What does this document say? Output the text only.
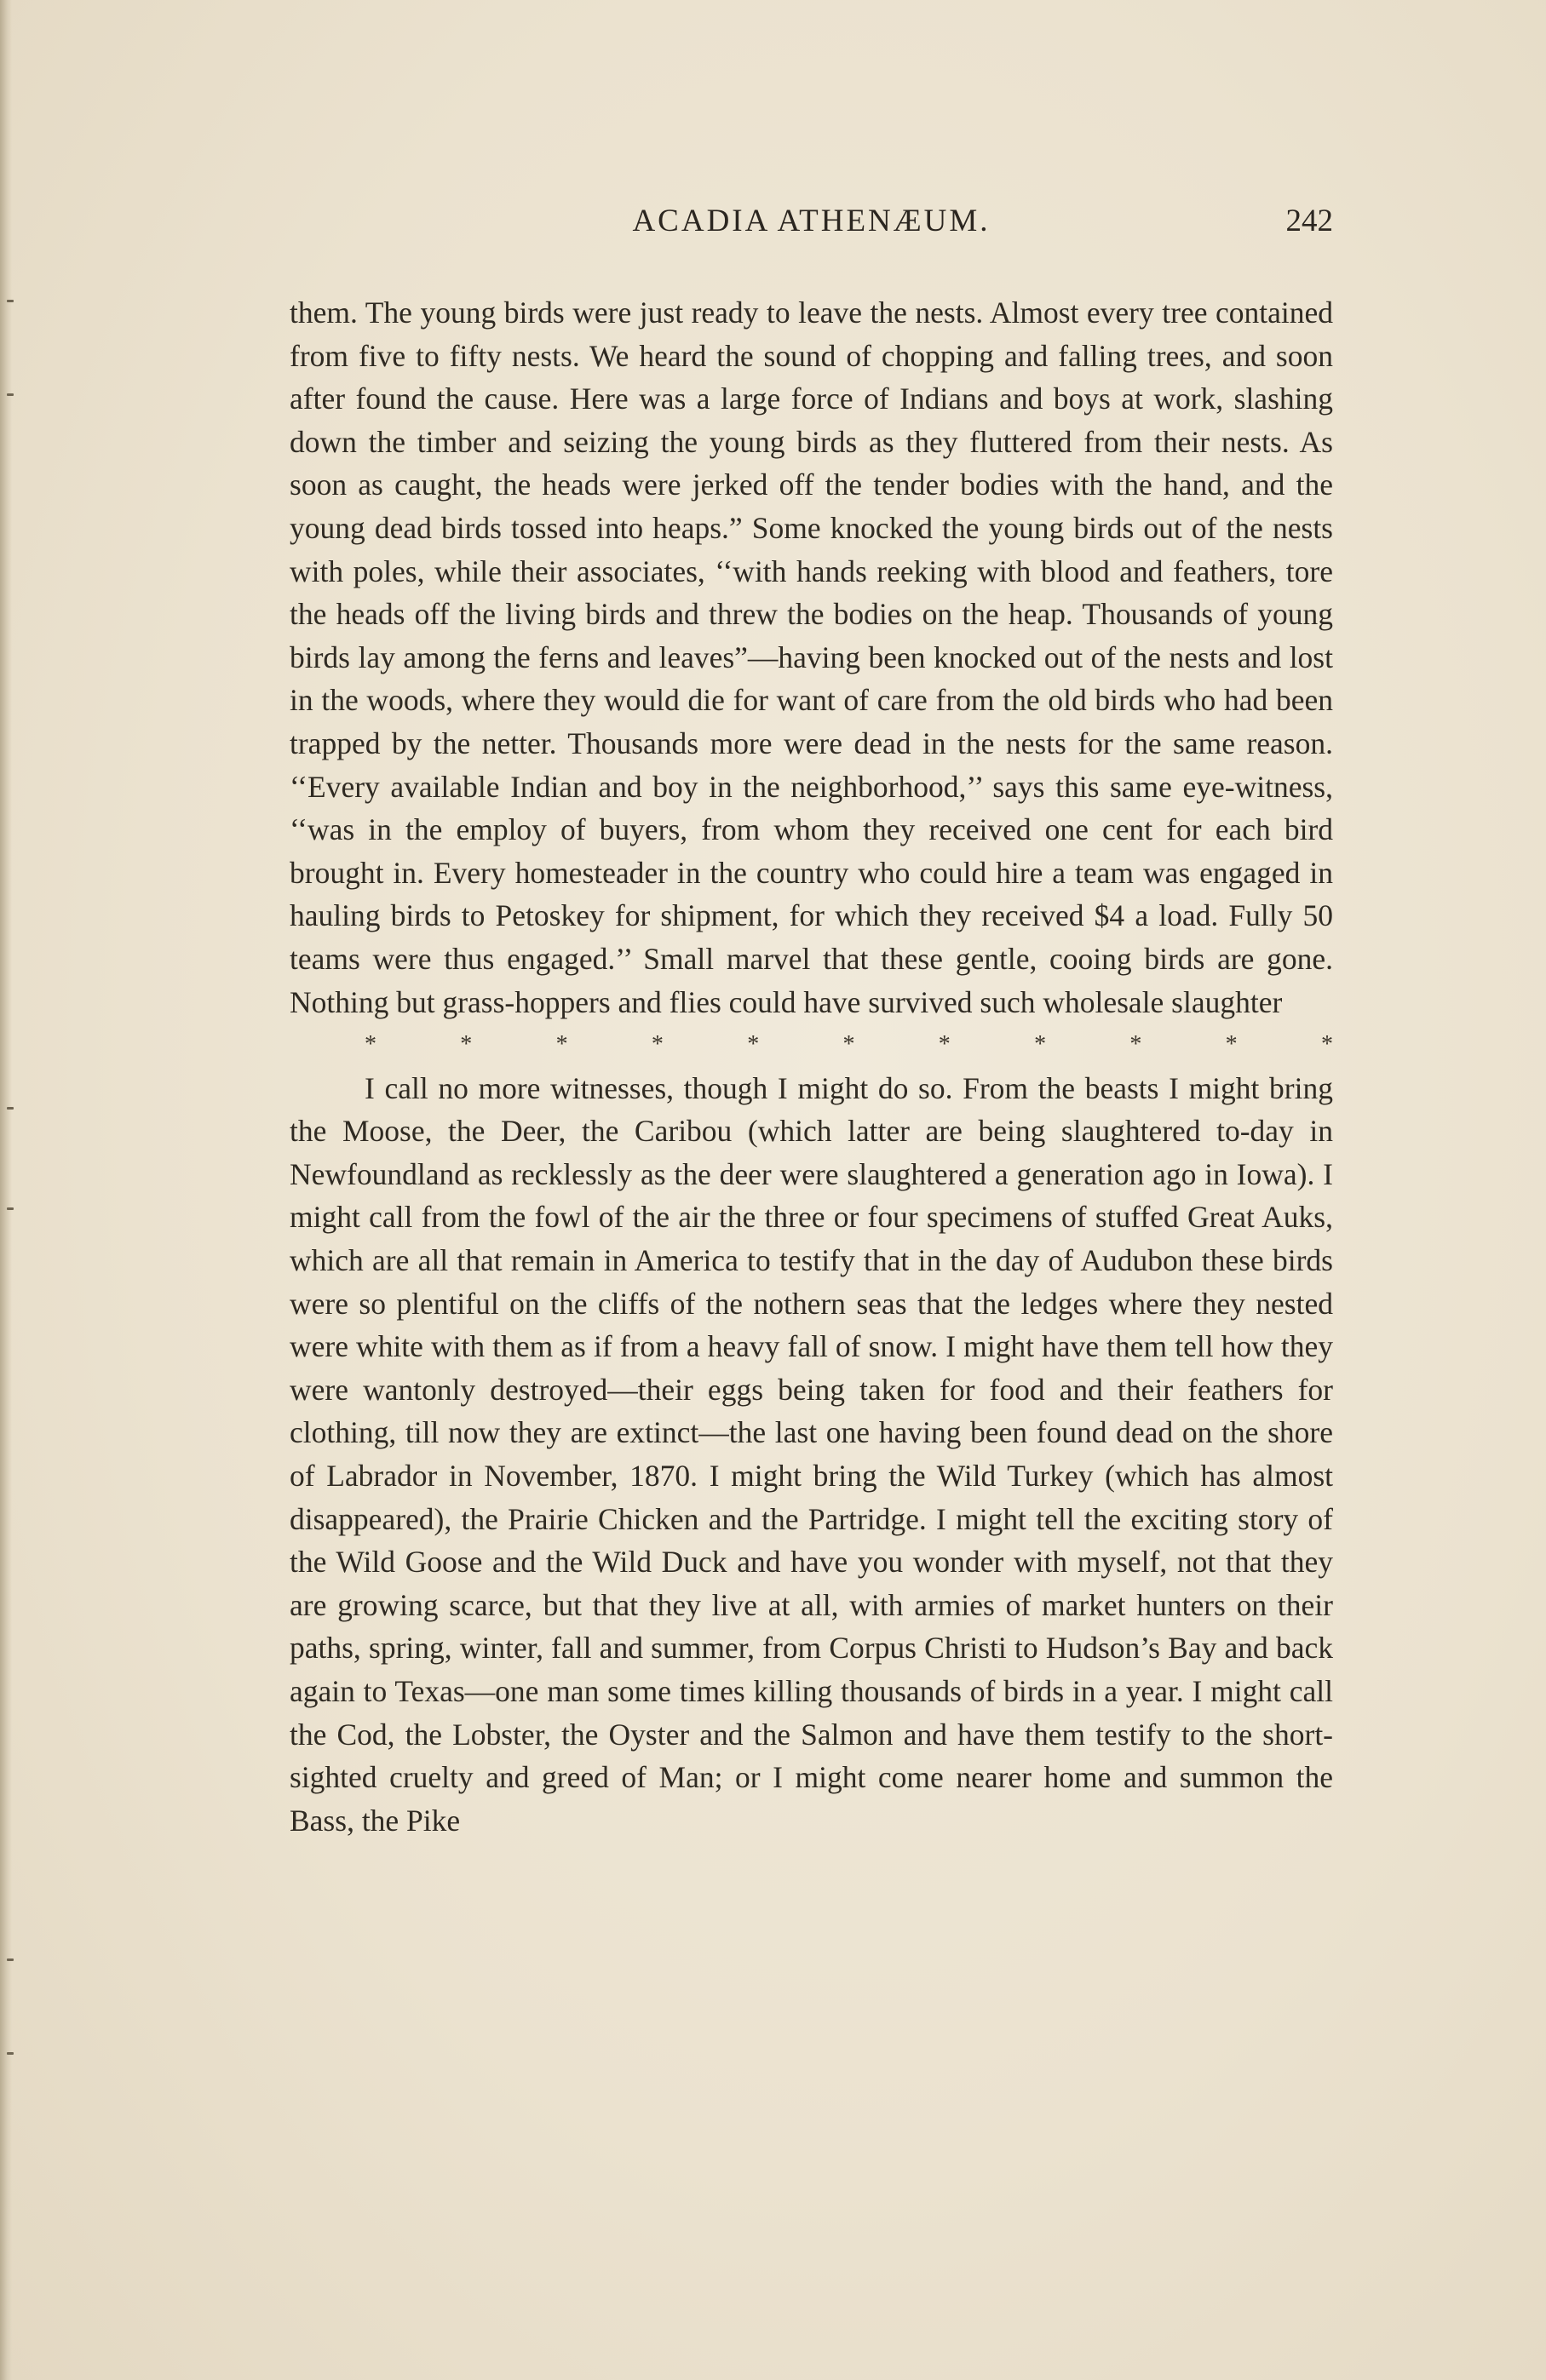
ACADIA ATHENÆUM.	242

them. The young birds were just ready to leave the nests. Almost every tree contained from five to fifty nests. We heard the sound of chopping and falling trees, and soon after found the cause. Here was a large force of Indians and boys at work, slashing down the timber and seizing the young birds as they fluttered from their nests. As soon as caught, the heads were jerked off the tender bodies with the hand, and the young dead birds tossed into heaps.” Some knocked the young birds out of the nests with poles, while their associates, ‘‘with hands reeking with blood and feathers, tore the heads off the living birds and threw the bodies on the heap. Thousands of young birds lay among the ferns and leaves”—having been knocked out of the nests and lost in the woods, where they would die for want of care from the old birds who had been trapped by the netter. Thousands more were dead in the nests for the same reason. ‘‘Every available Indian and boy in the neighborhood,’’ says this same eye-witness, ‘‘was in the employ of buyers, from whom they received one cent for each bird brought in. Every homesteader in the country who could hire a team was engaged in hauling birds to Petoskey for shipment, for which they received $4 a load. Fully 50 teams were thus engaged.’’ Small marvel that these gentle, cooing birds are gone. Nothing but grass-hoppers and flies could have survived such wholesale slaughter

*	*	*	*	*	*	*	*	*	*	*

I call no more witnesses, though I might do so. From the beasts I might bring the Moose, the Deer, the Caribou (which latter are being slaughtered to-day in Newfoundland as recklessly as the deer were slaughtered a generation ago in Iowa). I might call from the fowl of the air the three or four specimens of stuffed Great Auks, which are all that remain in America to testify that in the day of Audubon these birds were so plentiful on the cliffs of the nothern seas that the ledges where they nested were white with them as if from a heavy fall of snow. I might have them tell how they were wantonly destroyed—their eggs being taken for food and their feathers for clothing, till now they are extinct—the last one having been found dead on the shore of Labrador in November, 1870. I might bring the Wild Turkey (which has almost disappeared), the Prairie Chicken and the Partridge. I might tell the exciting story of the Wild Goose and the Wild Duck and have you wonder with myself, not that they are growing scarce, but that they live at all, with armies of market hunters on their paths, spring, winter, fall and summer, from Corpus Christi to Hudson’s Bay and back again to Texas—one man some times killing thousands of birds in a year. I might call the Cod, the Lobster, the Oyster and the Salmon and have them testify to the short-sighted cruelty and greed of Man; or I might come nearer home and summon the Bass, the Pike
